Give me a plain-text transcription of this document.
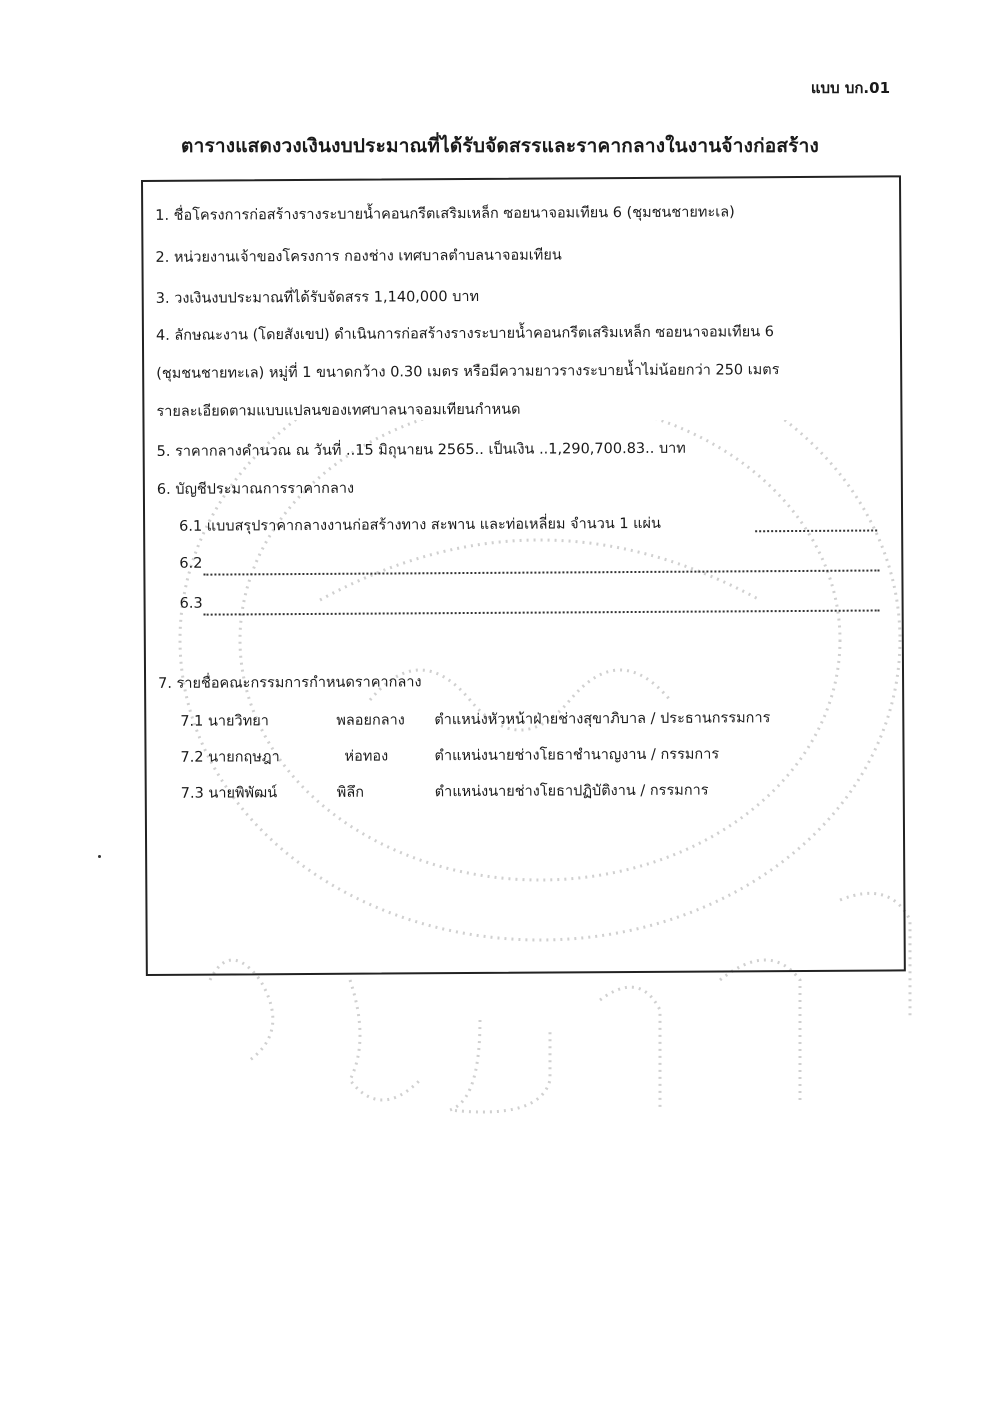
แบบ บก.01
ตารางแสดงวงเงินงบประมาณที่ได้รับจัดสรรและราคากลางในงานจ้างก่อสร้าง
1. ชื่อโครงการก่อสร้างรางระบายน้ำคอนกรีตเสริมเหล็ก ซอยนาจอมเทียน 6 (ชุมชนชายทะเล)
2. หน่วยงานเจ้าของโครงการ กองช่าง เทศบาลตำบลนาจอมเทียน
3. วงเงินงบประมาณที่ได้รับจัดสรร 1,140,000 บาท
4. ลักษณะงาน (โดยสังเขป) ดำเนินการก่อสร้างรางระบายน้ำคอนกรีตเสริมเหล็ก ซอยนาจอมเทียน 6
(ชุมชนชายทะเล) หมู่ที่ 1 ขนาดกว้าง 0.30 เมตร หรือมีความยาวรางระบายน้ำไม่น้อยกว่า 250 เมตร
รายละเอียดตามแบบแปลนของเทศบาลนาจอมเทียนกำหนด
5. ราคากลางคำนวณ ณ วันที่ ..15 มิถุนายน 2565.. เป็นเงิน ..1,290,700.83.. บาท
6. บัญชีประมาณการราคากลาง
6.1 แบบสรุปราคากลางงานก่อสร้างทาง สะพาน และท่อเหลี่ยม จำนวน 1 แผ่น
6.2
6.3
7. รายชื่อคณะกรรมการกำหนดราคากลาง
7.1 นายวิทยา	พลอยกลาง ตำแหน่งหัวหน้าฝ่ายช่างสุขาภิบาล / ประธานกรรมการ
7.2 นายกฤษฎา	ห่อทอง	ตำแหน่งนายช่างโยธาชำนาญงาน / กรรมการ
7.3 นายพิพัฒน์	พิลึก	ตำแหน่งนายช่างโยธาปฏิบัติงาน / กรรมการ
